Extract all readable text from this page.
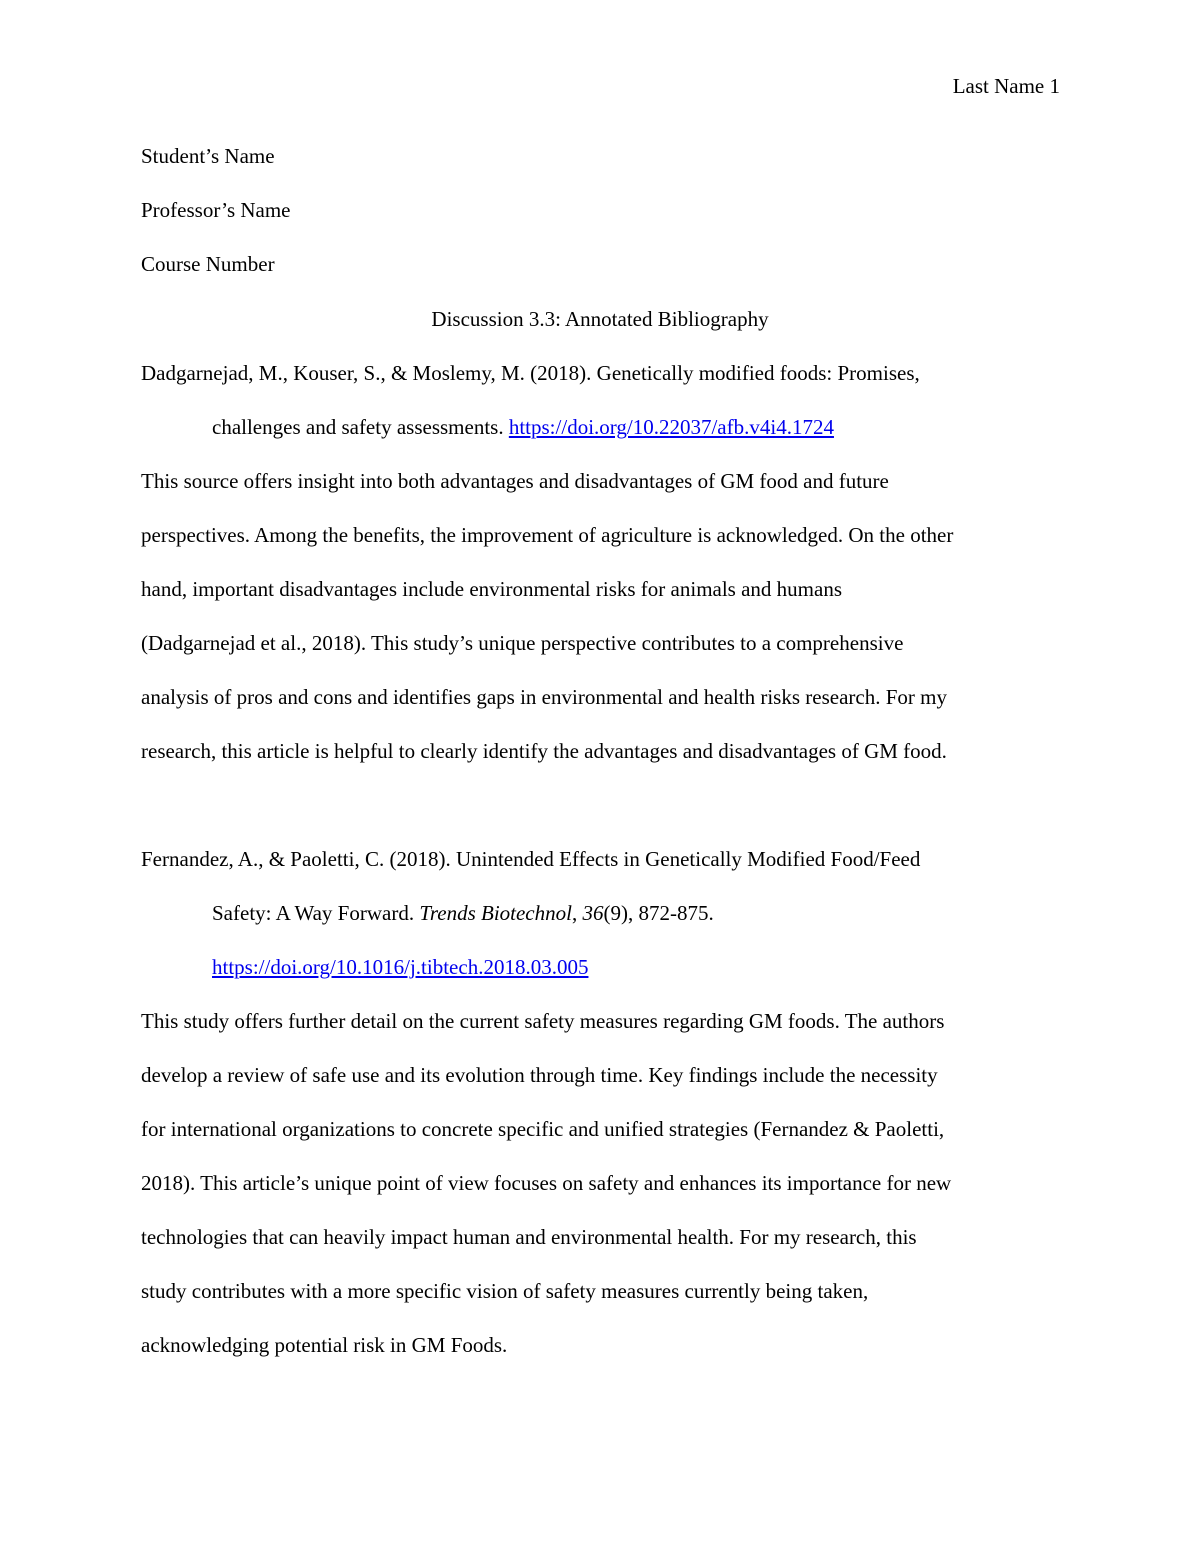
Last Name 1
Student’s Name
Professor’s Name
Course Number
Discussion 3.3: Annotated Bibliography
Dadgarnejad, M., Kouser, S., & Moslemy, M. (2018). Genetically modified foods: Promises,
challenges and safety assessments. https://doi.org/10.22037/afb.v4i4.1724
This source offers insight into both advantages and disadvantages of GM food and future
perspectives. Among the benefits, the improvement of agriculture is acknowledged. On the other
hand, important disadvantages include environmental risks for animals and humans
(Dadgarnejad et al., 2018). This study’s unique perspective contributes to a comprehensive
analysis of pros and cons and identifies gaps in environmental and health risks research. For my
research, this article is helpful to clearly identify the advantages and disadvantages of GM food.
Fernandez, A., & Paoletti, C. (2018). Unintended Effects in Genetically Modified Food/Feed
Safety: A Way Forward. Trends Biotechnol, 36(9), 872-875.
https://doi.org/10.1016/j.tibtech.2018.03.005
This study offers further detail on the current safety measures regarding GM foods. The authors
develop a review of safe use and its evolution through time. Key findings include the necessity
for international organizations to concrete specific and unified strategies (Fernandez & Paoletti,
2018). This article’s unique point of view focuses on safety and enhances its importance for new
technologies that can heavily impact human and environmental health. For my research, this
study contributes with a more specific vision of safety measures currently being taken,
acknowledging potential risk in GM Foods.
